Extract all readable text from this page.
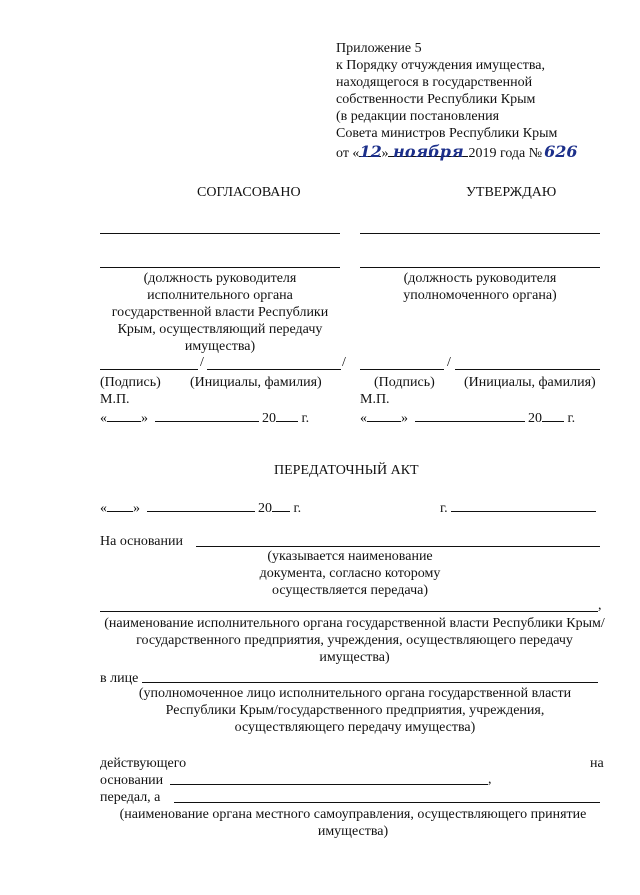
Приложение 5
к Порядку отчуждения имущества,
находящегося в государственной
собственности Республики Крым
(в редакции постановления
Совета министров Республики Крым
от «12» ноября 2019 года № 626
СОГЛАСОВАНО	УТВЕРЖДАЮ
(должность руководителя исполнительного органа государственной власти Республики Крым, осуществляющий передачу имущества)
(должность руководителя уполномоченного органа)
/	/	/
(Подпись) (Инициалы, фамилия)	(Подпись) (Инициалы, фамилия)
М.П.	М.П.
« »	20 г.	« »	20 г.
ПЕРЕДАТОЧНЫЙ АКТ
« »	20 г.	г.
На основании
(указывается наименование документа, согласно которому осуществляется передача)
,
(наименование исполнительного органа государственной власти Республики Крым/государственного предприятия, учреждения, осуществляющего передачу имущества)
в лице
(уполномоченное лицо исполнительного органа государственной власти Республики Крым/государственного предприятия, учреждения, осуществляющего передачу имущества)
действующего	на
основании	,
передал, а
(наименование органа местного самоуправления, осуществляющего принятие имущества)
